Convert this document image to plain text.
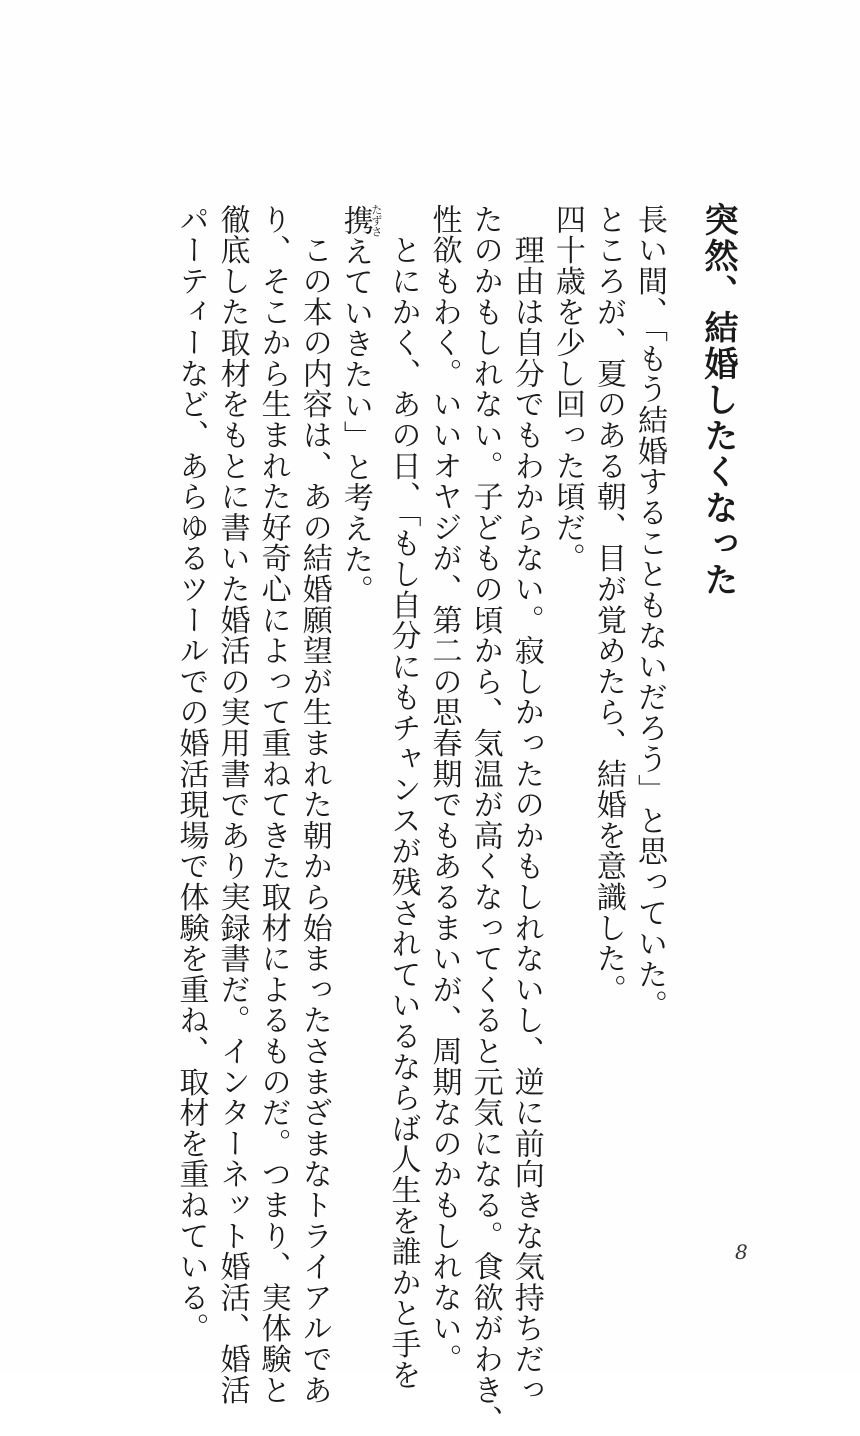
突然、結婚したくなった
長い間、「もう結婚することもないだろう」と思っていた。
ところが、夏のある朝、目が覚めたら、結婚を意識した。
四十歳を少し回った頃だ。
　理由は自分でもわからない。寂しかったのかもしれないし、逆に前向きな気持ちだっ
たのかもしれない。子どもの頃から、気温が高くなってくると元気になる。食欲がわき、
性欲もわく。いいオヤジが、第二の思春期でもあるまいが、周期なのかもしれない。
　とにかく、あの日、「もし自分にもチャンスが残されているならば人生を誰かと手を
携たずさえていきたい」と考えた。
　この本の内容は、あの結婚願望が生まれた朝から始まったさまざまなトライアルであ
り、そこから生まれた好奇心によって重ねてきた取材によるものだ。つまり、実体験と
徹底した取材をもとに書いた婚活の実用書であり実録書だ。インターネット婚活、婚活
パーティーなど、あらゆるツールでの婚活現場で体験を重ね、取材を重ねている。	8
